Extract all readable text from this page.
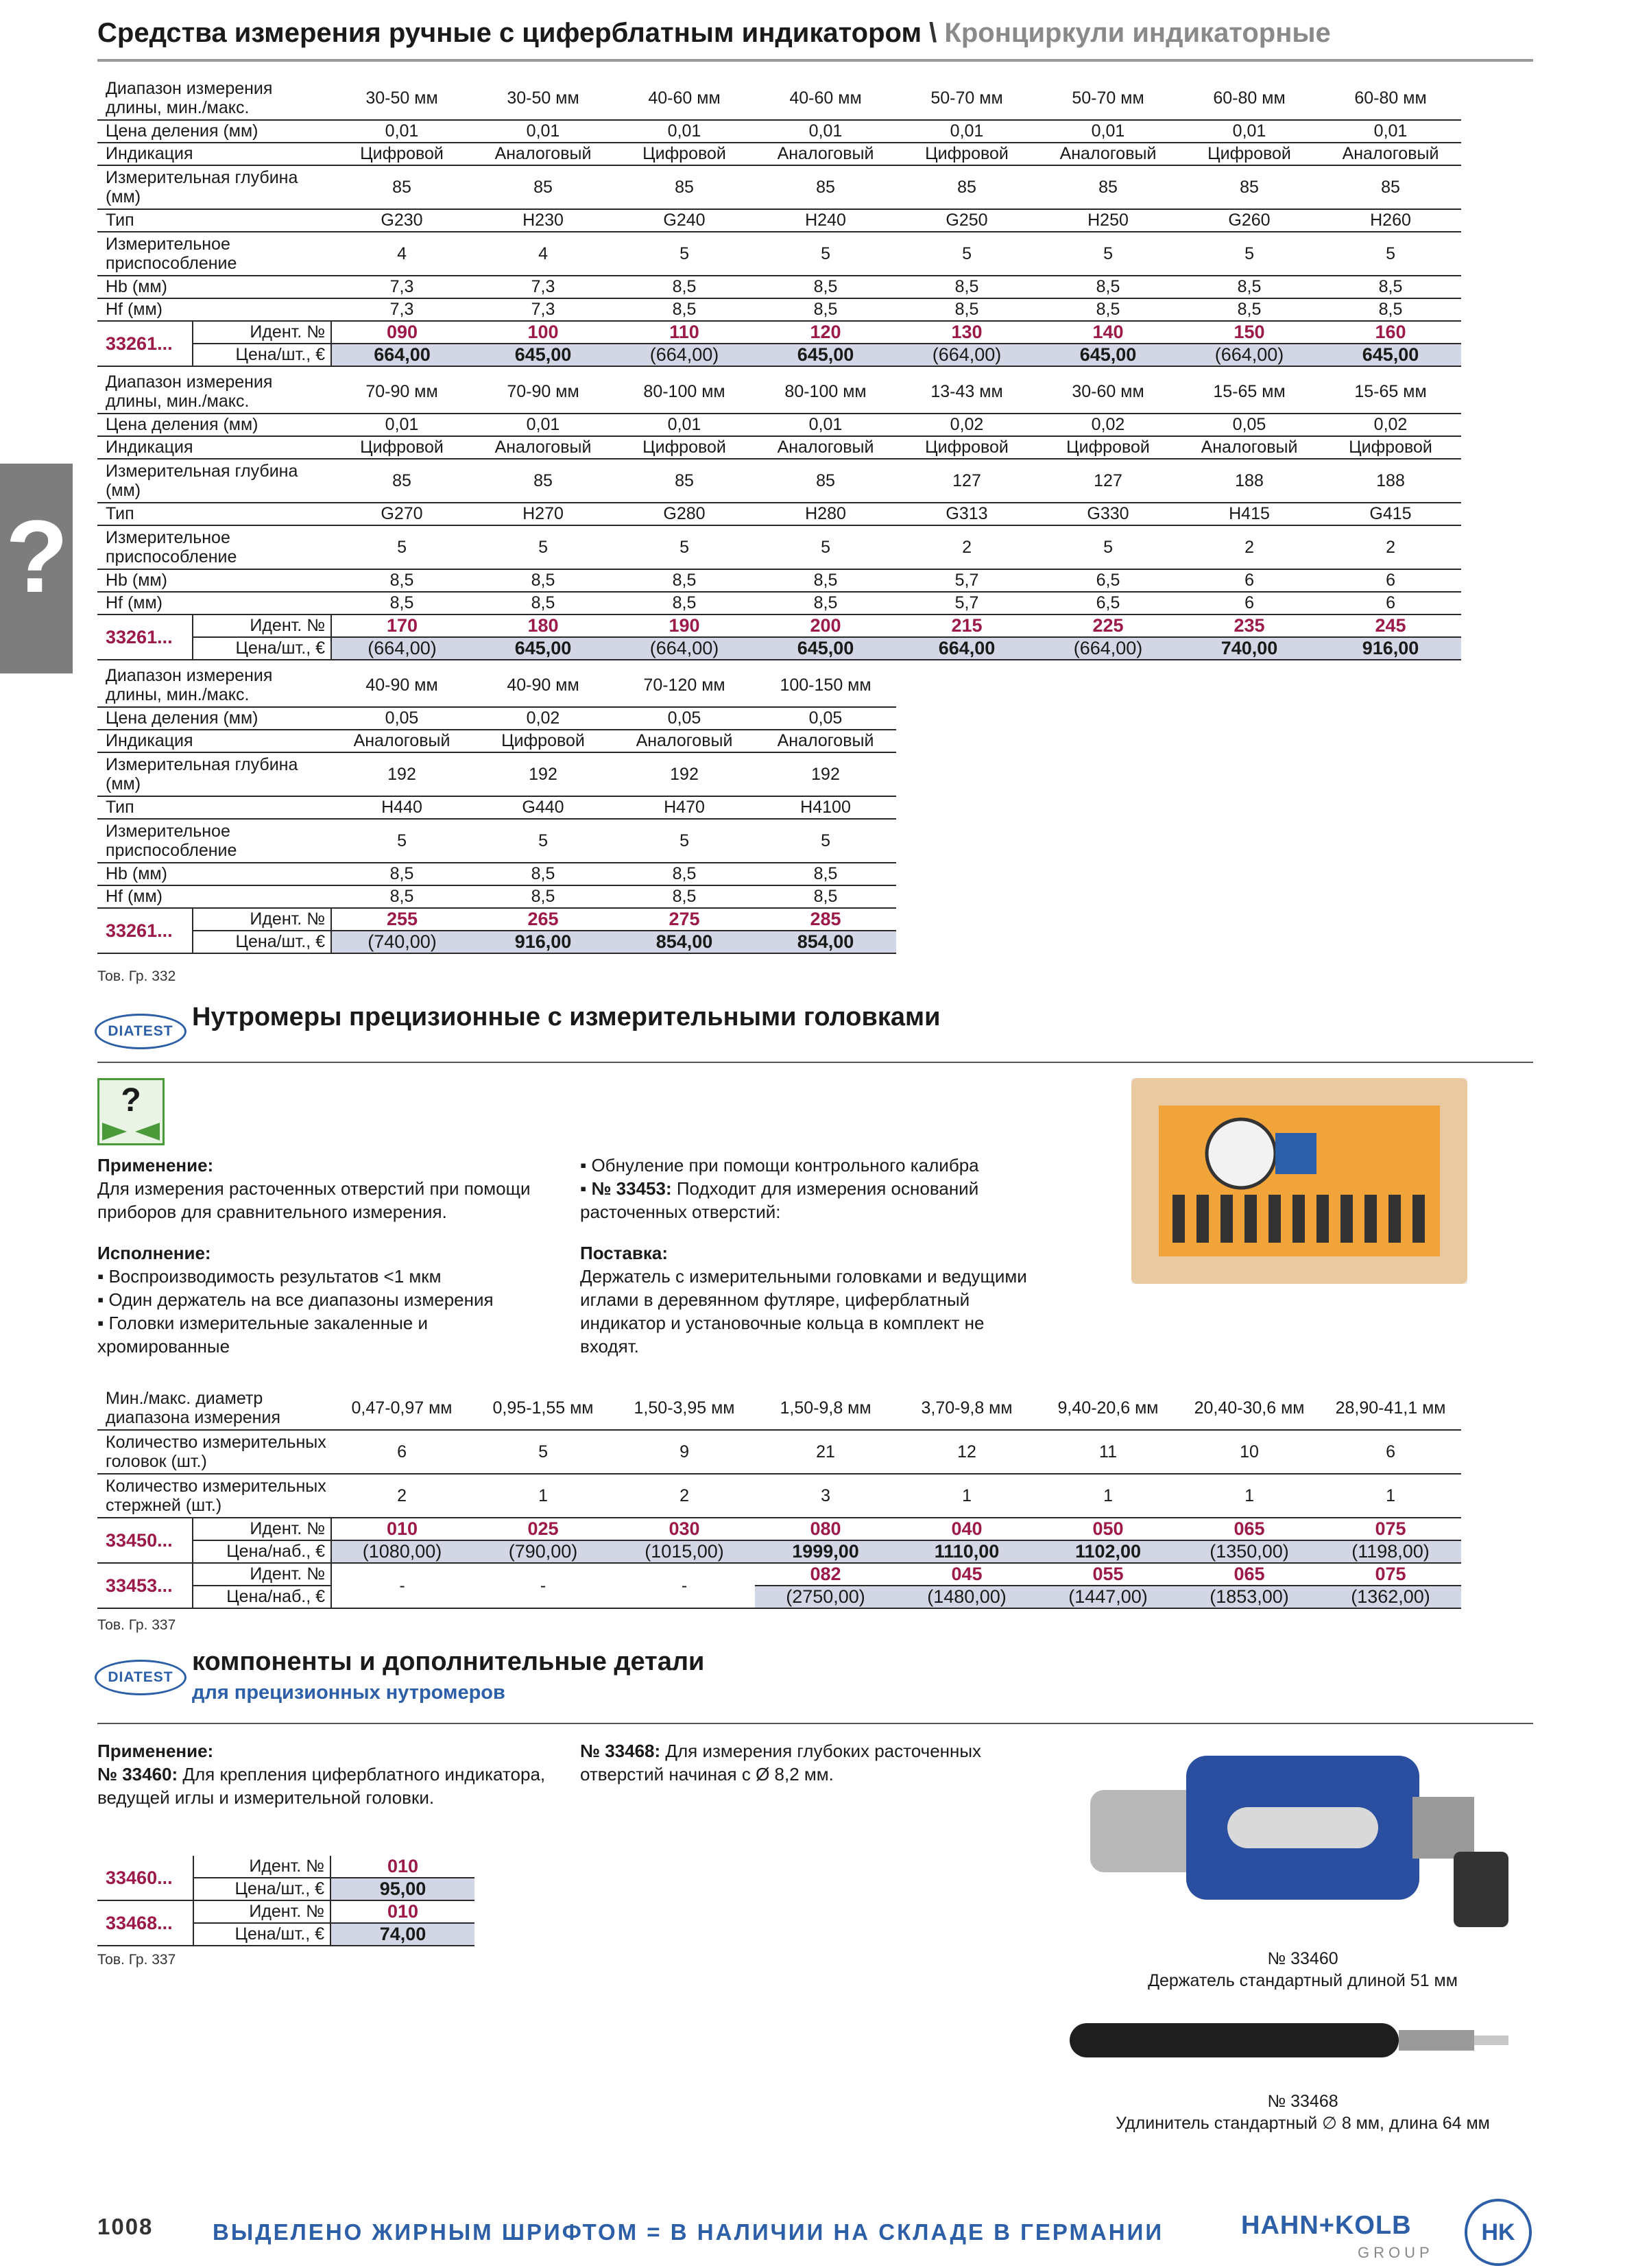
Средства измерения ручные с циферблатным индикатором \ Кронциркули индикаторные
?
Диапазон измерения длины, мин./макс.		30-50 мм	30-50 мм	40-60 мм	40-60 мм	50-70 мм	50-70 мм	60-80 мм	60-80 мм
Цена деления (мм)		0,01	0,01	0,01	0,01	0,01	0,01	0,01	0,01
Индикация		Цифровой	Аналоговый	Цифровой	Аналоговый	Цифровой	Аналоговый	Цифровой	Аналоговый
Измерительная глубина (мм)		85	85	85	85	85	85	85	85
Тип		G230	H230	G240	H240	G250	H250	G260	H260
Измерительное приспособление		4	4	5	5	5	5	5	5
Hb (мм)		7,3	7,3	8,5	8,5	8,5	8,5	8,5	8,5
Hf (мм)		7,3	7,3	8,5	8,5	8,5	8,5	8,5	8,5
33261...	Идент. №	090	100	110	120	130	140	150	160
	Цена/шт., €	664,00	645,00	(664,00)	645,00	(664,00)	645,00	(664,00)	645,00
Диапазон измерения длины, мин./макс.		70-90 мм	70-90 мм	80-100 мм	80-100 мм	13-43 мм	30-60 мм	15-65 мм	15-65 мм
Цена деления (мм)		0,01	0,01	0,01	0,01	0,02	0,02	0,05	0,02
Индикация		Цифровой	Аналоговый	Цифровой	Аналоговый	Цифровой	Цифровой	Аналоговый	Цифровой
Измерительная глубина (мм)		85	85	85	85	127	127	188	188
Тип		G270	H270	G280	H280	G313	G330	H415	G415
Измерительное приспособление		5	5	5	5	2	5	2	2
Hb (мм)		8,5	8,5	8,5	8,5	5,7	6,5	6	6
Hf (мм)		8,5	8,5	8,5	8,5	5,7	6,5	6	6
33261...	Идент. №	170	180	190	200	215	225	235	245
	Цена/шт., €	(664,00)	645,00	(664,00)	645,00	664,00	(664,00)	740,00	916,00
Диапазон измерения длины, мин./макс.		40-90 мм	40-90 мм	70-120 мм	100-150 мм
Цена деления (мм)		0,05	0,02	0,05	0,05
Индикация		Аналоговый	Цифровой	Аналоговый	Аналоговый
Измерительная глубина (мм)		192	192	192	192
Тип		H440	G440	H470	H4100
Измерительное приспособление		5	5	5	5
Hb (мм)		8,5	8,5	8,5	8,5
Hf (мм)		8,5	8,5	8,5	8,5
33261...	Идент. №	255	265	275	285
	Цена/шт., €	(740,00)	916,00	854,00	854,00
Тов. Гр. 332
DIATEST Нутромеры прецизионные с измерительными головками
?
Применение:
Для измерения расточенных отверстий при помощи приборов для сравнительного измерения.
Исполнение:
▪ Воспроизводимость результатов <1 мкм
▪ Один держатель на все диапазоны измерения
▪ Головки измерительные закаленные и хромированные
▪ Обнуление при помощи контрольного калибра
▪ № 33453: Подходит для измерения оснований расточенных отверстий:
Поставка:
Держатель с измерительными головками и ведущими иглами в деревянном футляре, циферблатный индикатор и установочные кольца в комплект не входят.
Мин./макс. диаметр диапазона измерения		0,47-0,97 мм	0,95-1,55 мм	1,50-3,95 мм	1,50-9,8 мм	3,70-9,8 мм	9,40-20,6 мм	20,40-30,6 мм	28,90-41,1 мм
Количество измерительных головок (шт.)		6	5	9	21	12	11	10	6
Количество измерительных стержней (шт.)		2	1	2	3	1	1	1	1
33450...	Идент. №	010	025	030	080	040	050	065	075
	Цена/наб., €	(1080,00)	(790,00)	(1015,00)	1999,00	1110,00	1102,00	(1350,00)	(1198,00)
33453...	Идент. №	-	-	-	082	045	055	065	075
	Цена/наб., €				(2750,00)	(1480,00)	(1447,00)	(1853,00)	(1362,00)
Тов. Гр. 337
DIATEST
компоненты и дополнительные детали
для прецизионных нутромеров
Применение:
№ 33460: Для крепления циферблатного индикатора, ведущей иглы и измерительной головки.
№ 33468: Для измерения глубоких расточенных отверстий начиная с Ø 8,2 мм.
33460...	Идент. №	010
	Цена/шт., €	95,00
33468...	Идент. №	010
	Цена/шт., €	74,00
Тов. Гр. 337	№ 33460
Держатель стандартный длиной 51 мм
№ 33468
Удлинитель стандартный ∅ 8 мм, длина 64 мм
1008	ВЫДЕЛЕНО ЖИРНЫМ ШРИФТОМ = В НАЛИЧИИ НА СКЛАДЕ В ГЕРМАНИИ	HAHN+KOLB
GROUP
HK
